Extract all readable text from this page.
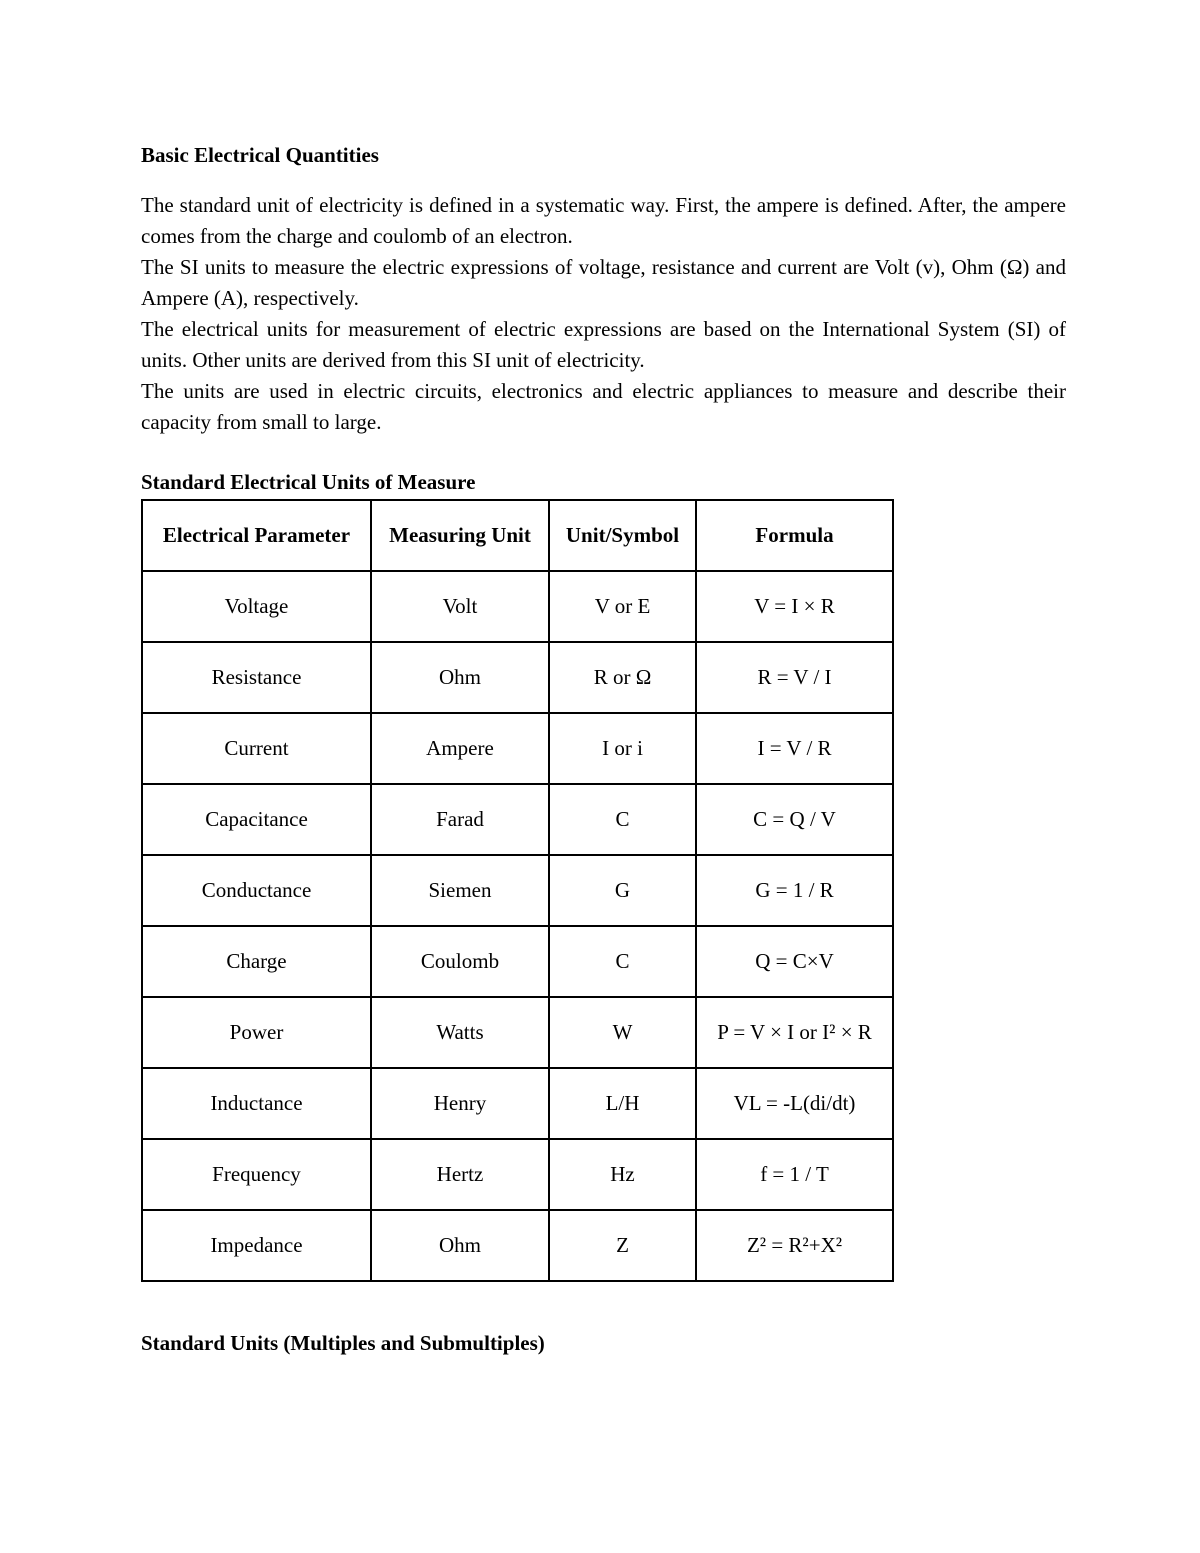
Basic Electrical Quantities

The standard unit of electricity is defined in a systematic way. First, the ampere is defined. After, the ampere comes from the charge and coulomb of an electron.

The SI units to measure the electric expressions of voltage, resistance and current are Volt (v), Ohm (Ω) and Ampere (A), respectively.

The electrical units for measurement of electric expressions are based on the International System (SI) of units. Other units are derived from this SI unit of electricity.

The units are used in electric circuits, electronics and electric appliances to measure and describe their capacity from small to large.

Standard Electrical Units of Measure
Electrical Parameter	Measuring Unit	Unit/Symbol	Formula
Voltage	Volt	V or E	V = I × R
Resistance	Ohm	R or Ω	R = V / I
Current	Ampere	I or i	I = V / R
Capacitance	Farad	C	C = Q / V
Conductance	Siemen	G	G = 1 / R
Charge	Coulomb	C	Q = C×V
Power	Watts	W	P = V × I or I² × R
Inductance	Henry	L/H	VL = -L(di/dt)
Frequency	Hertz	Hz	f = 1 / T
Impedance	Ohm	Z	Z² = R²+X²
Standard Units (Multiples and Submultiples)
